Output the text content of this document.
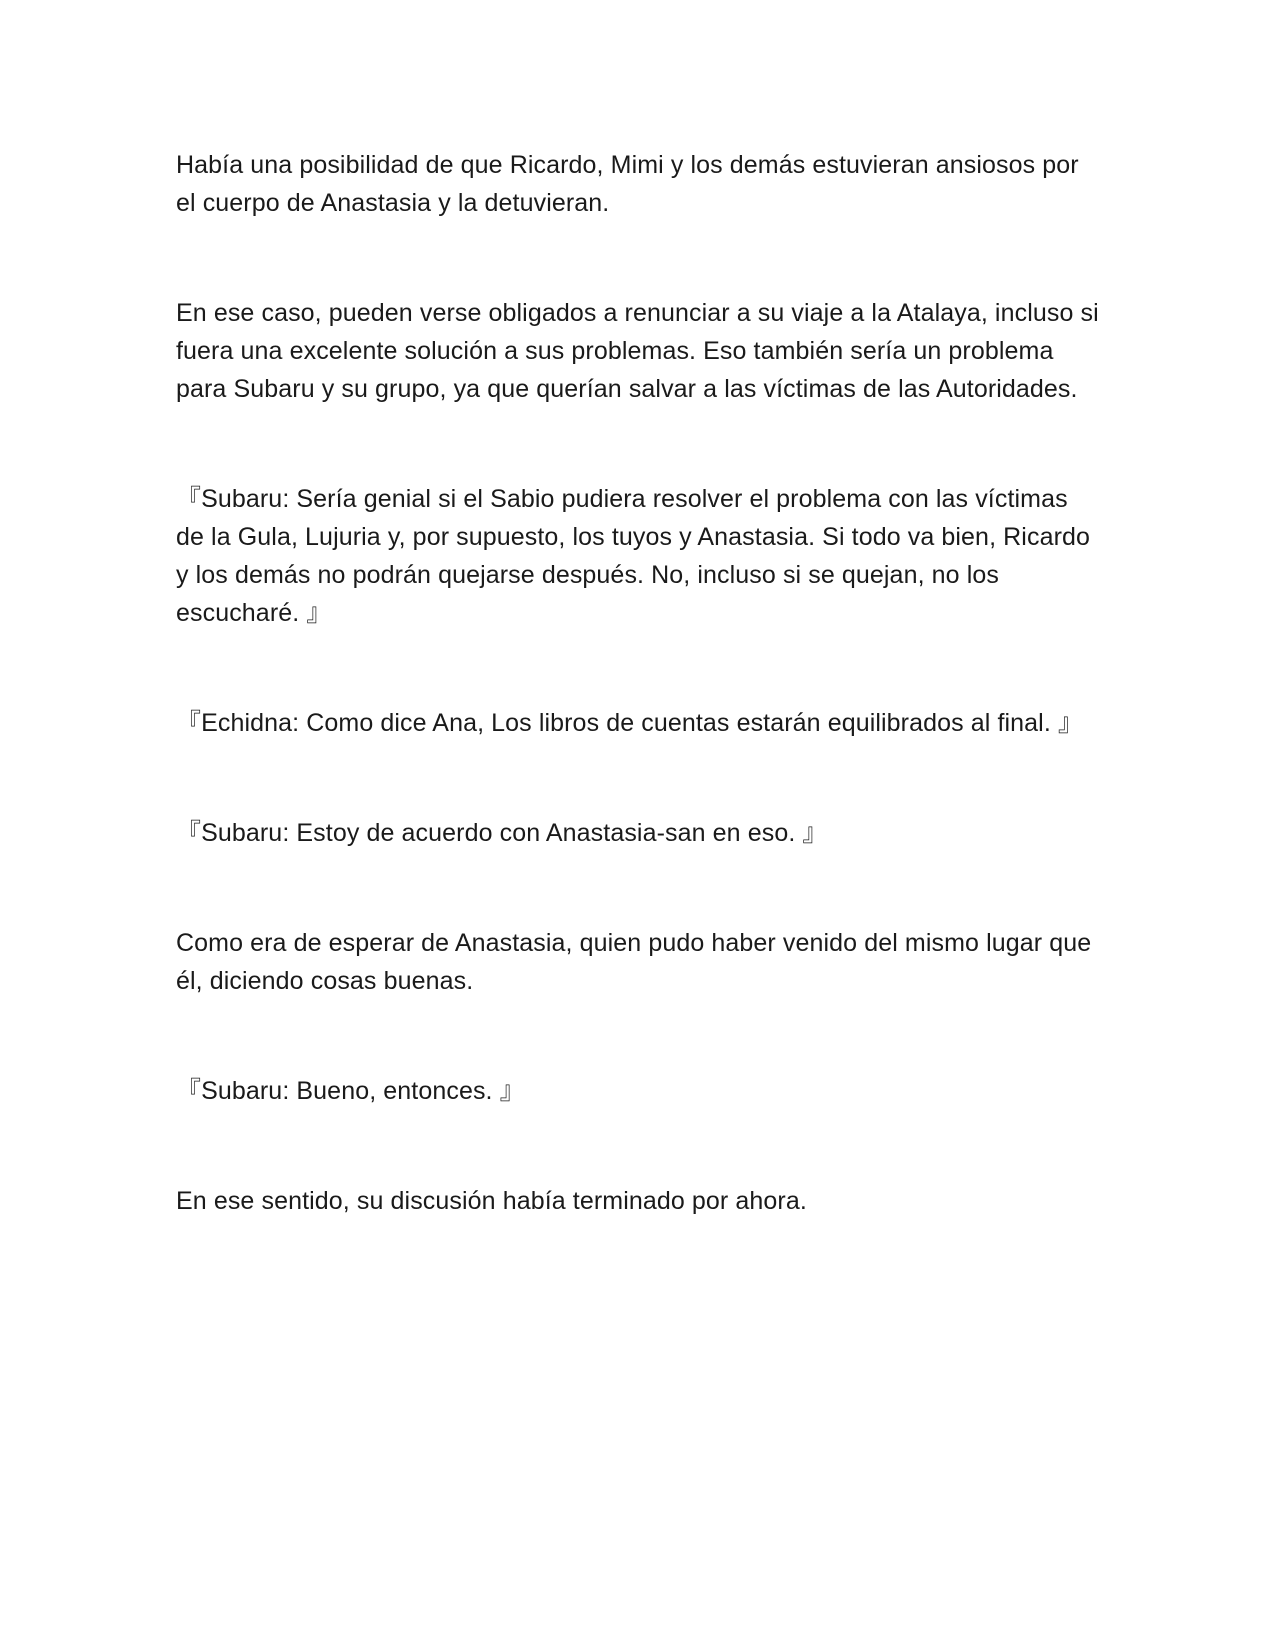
Había una posibilidad de que Ricardo, Mimi y los demás estuvieran ansiosos por el cuerpo de Anastasia y la detuvieran.

En ese caso, pueden verse obligados a renunciar a su viaje a la Atalaya, incluso si fuera una excelente solución a sus problemas. Eso también sería un problema para Subaru y su grupo, ya que querían salvar a las víctimas de las Autoridades.

『Subaru: Sería genial si el Sabio pudiera resolver el problema con las víctimas de la Gula, Lujuria y, por supuesto, los tuyos y Anastasia. Si todo va bien, Ricardo y los demás no podrán quejarse después. No, incluso si se quejan, no los escucharé. 』

『Echidna: Como dice Ana, Los libros de cuentas estarán equilibrados al final. 』

『Subaru: Estoy de acuerdo con Anastasia-san en eso. 』

Como era de esperar de Anastasia, quien pudo haber venido del mismo lugar que él, diciendo cosas buenas.

『Subaru: Bueno, entonces. 』

En ese sentido, su discusión había terminado por ahora.
